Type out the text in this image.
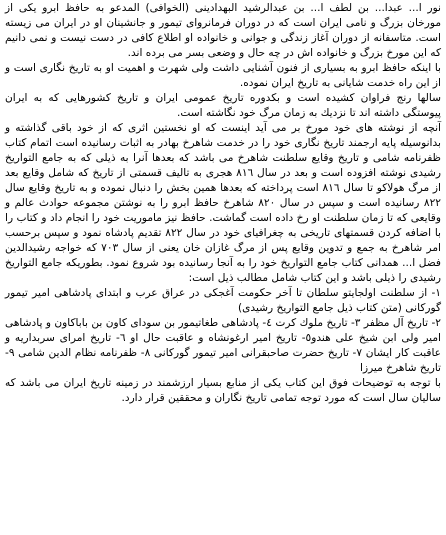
نور ا... عبدا... بن لطف ا... بن عبدالرشيد البهدادينى (الخوافى) المدعو به حافظ ابرو يكى از مورخان بزرگ و نامى ايران است كه در دوران فرمانرواى تيمور و جانشينان او در ايران مى زيسته است. متاسفانه از دوران آغاز زندگى و جوانى و خانواده او اطلاع كافى در دست نيست و نمى دانيم كه اين مورخ بزرگ و خانواده اش در چه حال و وضعى بسر مى برده اند.

با اينكه حافظ ابرو به بسيارى از فنون آشنايى داشت ولى شهرت و اهميت او به تاريخ نگارى است و از اين راه خدمت شايانى به تاريخ ايران نموده.

سالها رنج فراوان كشيده است و بكدوره تاريخ عمومى ايران و تاريخ كشورهايى كه به ايران پيوستگى داشته اند تا نزديك به زمان مرگ خود نگاشته است.

آنچه از نوشته هاى خود مورخ بر مى آيد اينست كه او نخستين اثرى كه از خود باقى گذاشته و بدانوسيله پايه ارجمند تاريخ نگارى خود را در خدمت شاهرخ بهادر به اثبات رسانيده است اتمام كتاب ظفرنامه شامى و تاريخ وقايع سلطنت شاهرخ مى باشد كه بعدها آنرا به ذيلى كه به جامع التواريخ رشيدى نوشته افزوده است و بعد در سال ٨١٦ هجرى به تاليف قسمتى از تاريخ كه شامل وقايع بعد از مرگ هولاكو تا سال ٨١٦ است پرداخته كه بعدها همين بخش را دنبال نموده و به تاريخ وقايع سال ٨٢٢ رسانيده است و سپس در سال ٨٢٠ شاهرخ حافظ ابرو را به نوشتن مجموعه حوادث عالم و وقايعى كه تا زمان سلطنت او رخ داده است گماشت. حافظ نيز ماموريت خود را انجام داد و كتاب را با اضافه كردن قسمتهاى تاريخى به چغرافياى خود در سال ٨٢٢ تقديم پادشاه نمود و سپس برحسب امر شاهرخ به جمع و تدوين وقايع پس از مرگ غازان خان يعنى از سال ٧٠٣ كه خواجه رشيدالدين فضل ا... همدانى كتاب جامع التواريخ خود را به آنجا رسانيده بود شروع نمود. بطوريكه جامع التواريخ رشيدى را ذيلى باشد و اين كتاب شامل مطالب ذيل است:

١- از سلطنت اولجايتو سلطان تا آخر حكومت آغجكى در عراق عرب و ابتداى پادشاهى امير تيمور گوركانى (متن كتاب ذيل جامع التواريخ رشيدى)

٢- تاريخ آل مظفر ٣- تاريخ ملوك كرت ٤- پادشاهى طغاتيمور بن سوداى كاون بن باباكاون و پادشاهى امير ولى ابن شيخ على هندو٥- تاريخ امير ارغونشاه و عاقبت حال او ٦- تاريخ امراى سربداريه و عاقبت كار ايشان ٧- تاريخ حضرت صاحبقرانى امير تيمور گوركانى ٨- ظفرنامه نظام الدين شامى ٩- تاريخ شاهرخ ميرزا

با توجه به توضيحات فوق اين كتاب يكى از منابع بسيار ارزشمند در زمينه تاريخ ايران مى باشد كه ساليان سال است كه مورد توجه تمامى تاريخ نگاران و محققين قرار دارد.
